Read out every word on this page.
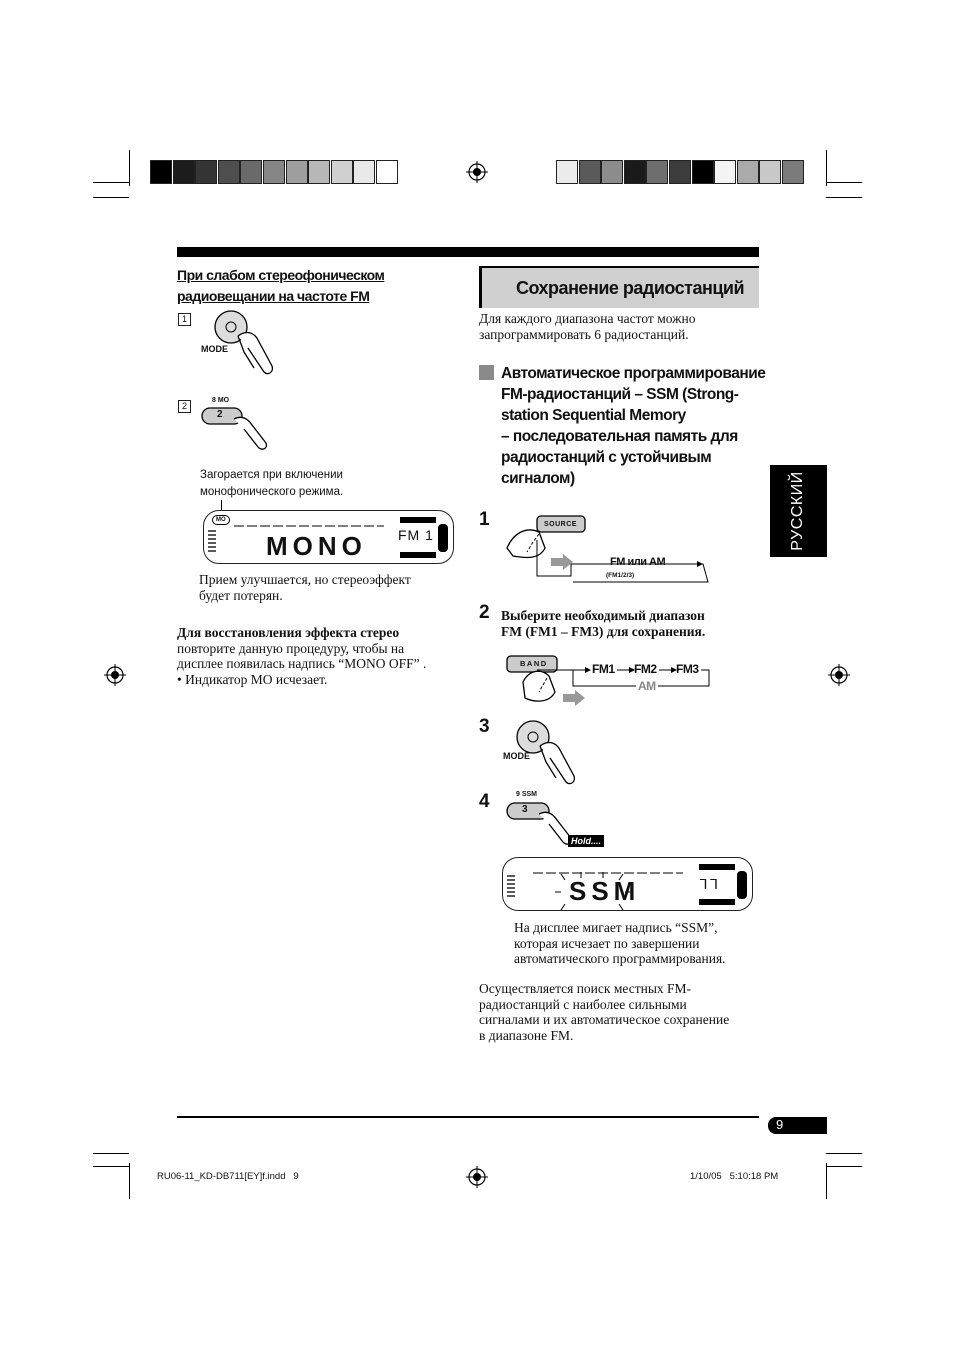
При слабом стереофоническом
радиовещании на частоте FM
1
MODE
2
8 MO
2
Загорается при включении
монофонического режима.
MO
MONO FM 1
Прием улучшается, но стереоэффект
будет потерян.
Для восстановления эффекта стерео
повторите данную процедуру, чтобы на
дисплее появилась надпись “MONO OFF” .
• Индикатор MO исчезает.
Сохранение радиостанций
Для каждого диапазона частот можно
запрограммировать 6 радиостанций.
Автоматическое программирование
FM-радиостанций – SSM (Strong-
station Sequential Memory
– последовательная память для
радиостанций с устойчивым
сигналом)
1	SOURCE
FM или AM
(FM1/2/3)
2 Выберите необходимый диапазон
FM (FM1 – FM3) для сохранения.
BAND	FM1 FM2 FM3
AM
3
MODE
4	9 SSM
3
Hold....
SSM	ᒣᒣ
На дисплее мигает надпись “SSM”,
которая исчезает по завершении
автоматического программирования.
Осуществляется поиск местных FM-
радиостанций с наиболее сильными
сигналами и их автоматическое сохранение
в диапазоне FM.
РУССКИЙ
9
RU06-11_KD-DB711[EY]f.indd   9	1/10/05   5:10:18 PM
